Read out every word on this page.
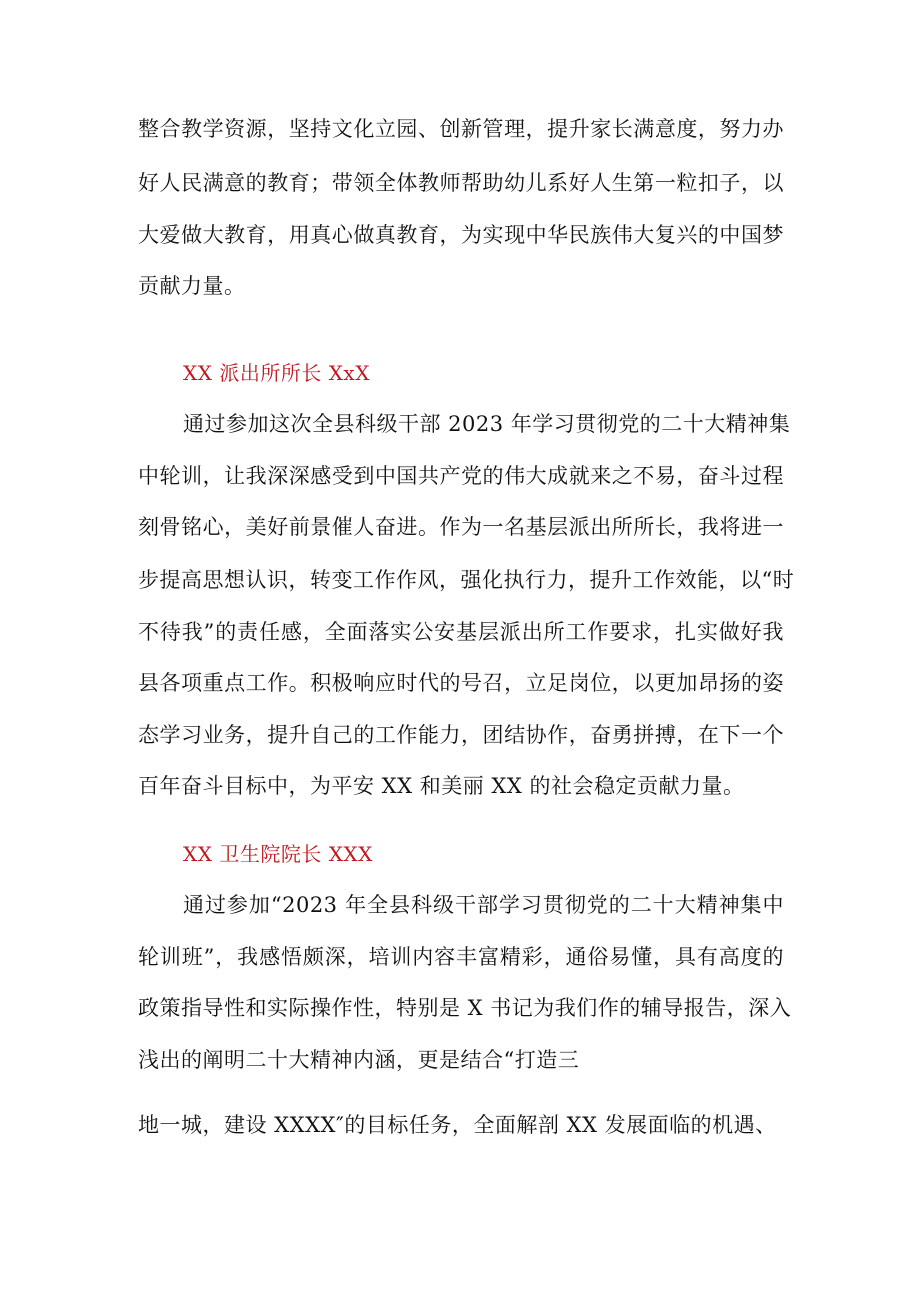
整合教学资源，坚持文化立园、创新管理，提升家长满意度，努力办

好人民满意的教育；带领全体教师帮助幼儿系好人生第一粒扣子，以

大爱做大教育，用真心做真教育，为实现中华民族伟大复兴的中国梦

贡献力量。

XX 派出所所长 XxX

通过参加这次全县科级干部 2023 年学习贯彻党的二十大精神集

中轮训，让我深深感受到中国共产党的伟大成就来之不易，奋斗过程

刻骨铭心，美好前景催人奋进。作为一名基层派出所所长，我将进一

步提高思想认识，转变工作作风，强化执行力，提升工作效能，以“时

不待我”的责任感，全面落实公安基层派出所工作要求，扎实做好我

县各项重点工作。积极响应时代的号召，立足岗位，以更加昂扬的姿

态学习业务，提升自己的工作能力，团结协作，奋勇拼搏，在下一个

百年奋斗目标中，为平安 XX 和美丽 XX 的社会稳定贡献力量。

XX 卫生院院长 XXX

通过参加“2023 年全县科级干部学习贯彻党的二十大精神集中

轮训班”，我感悟颇深，培训内容丰富精彩，通俗易懂，具有高度的

政策指导性和实际操作性，特别是 X 书记为我们作的辅导报告，深入

浅出的阐明二十大精神内涵，更是结合“打造三

地一城，建设 XXXX″的目标任务，全面解剖 XX 发展面临的机遇、
